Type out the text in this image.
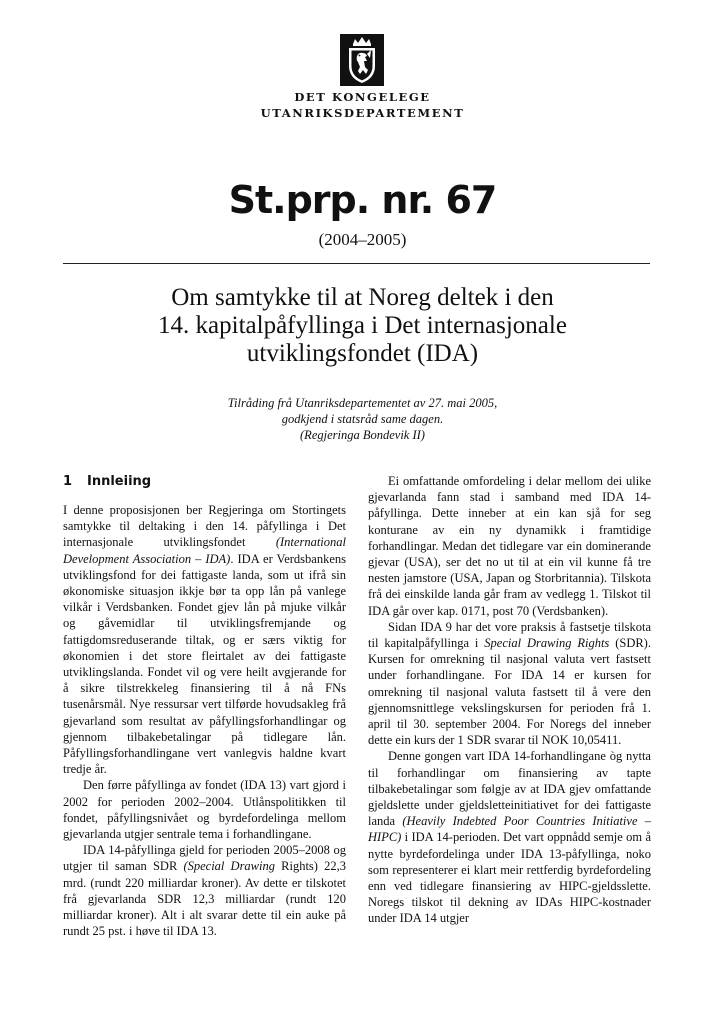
DET KONGELEGE
UTANRIKSDEPARTEMENT
St.prp. nr. 67
(2004–2005)
Om samtykke til at Noreg deltek i den
14. kapitalpåfyllinga i Det internasjonale
utviklingsfondet (IDA)
Tilråding frå Utanriksdepartementet av 27. mai 2005,
godkjend i statsråd same dagen.
(Regjeringa Bondevik II)
1 Innleiing

I denne proposisjonen ber Regjeringa om Stortingets samtykke til deltaking i den 14. påfyllinga i Det internasjonale utviklingsfondet (International Development Association – IDA). IDA er Verdsbankens utviklingsfond for dei fattigaste landa, som ut ifrå sin økonomiske situasjon ikkje bør ta opp lån på vanlege vilkår i Verdsbanken. Fondet gjev lån på mjuke vilkår og gåvemidlar til utviklingsfremjande og fattigdomsreduserande tiltak, og er særs viktig for økonomien i det store fleirtalet av dei fattigaste utviklingslanda. Fondet vil og vere heilt avgjerande for å sikre tilstrekkeleg finansiering til å nå FNs tusenårsmål. Nye ressursar vert tilførde hovudsakleg frå gjevarland som resultat av påfyllingsforhandlingar og gjennom tilbakebetalingar på tidlegare lån. Påfyllingsforhandlingane vert vanlegvis haldne kvart tredje år.

Den førre påfyllinga av fondet (IDA 13) vart gjord i 2002 for perioden 2002–2004. Utlånspolitikken til fondet, påfyllingsnivået og byrdefordelinga mellom gjevarlanda utgjer sentrale tema i forhandlingane.

IDA 14-påfyllinga gjeld for perioden 2005–2008 og utgjer til saman SDR (Special Drawing Rights) 22,3 mrd. (rundt 220 milliardar kroner). Av dette er tilskotet frå gjevarlanda SDR 12,3 milliardar (rundt 120 milliardar kroner). Alt i alt svarar dette til ein auke på rundt 25 pst. i høve til IDA 13.

Ei omfattande omfordeling i delar mellom dei ulike gjevarlanda fann stad i samband med IDA 14-påfyllinga. Dette inneber at ein kan sjå for seg konturane av ein ny dynamikk i framtidige forhandlingar. Medan det tidlegare var ein dominerande gjevar (USA), ser det no ut til at ein vil kunne få tre nesten jamstore (USA, Japan og Storbritannia). Tilskota frå dei einskilde landa går fram av vedlegg 1. Tilskot til IDA går over kap. 0171, post 70 (Verdsbanken).

Sidan IDA 9 har det vore praksis å fastsetje tilskota til kapitalpåfyllinga i Special Drawing Rights (SDR). Kursen for omrekning til nasjonal valuta vert fastsett under forhandlingane. For IDA 14 er kursen for omrekning til nasjonal valuta fastsett til å vere den gjennomsnittlege vekslingskursen for perioden frå 1. april til 30. september 2004. For Noregs del inneber dette ein kurs der 1 SDR svarar til NOK 10,05411.

Denne gongen vart IDA 14-forhandlingane òg nytta til forhandlingar om finansiering av tapte tilbakebetalingar som følgje av at IDA gjev omfattande gjeldslette under gjeldsletteinitiativet for dei fattigaste landa (Heavily Indebted Poor Countries Initiative – HIPC) i IDA 14-perioden. Det vart oppnådd semje om å nytte byrdefordelinga under IDA 13-påfyllinga, noko som representerer ei klart meir rettferdig byrdefordeling enn ved tidlegare finansiering av HIPC-gjeldsslette. Noregs tilskot til dekning av IDAs HIPC-kostnader under IDA 14 utgjer
